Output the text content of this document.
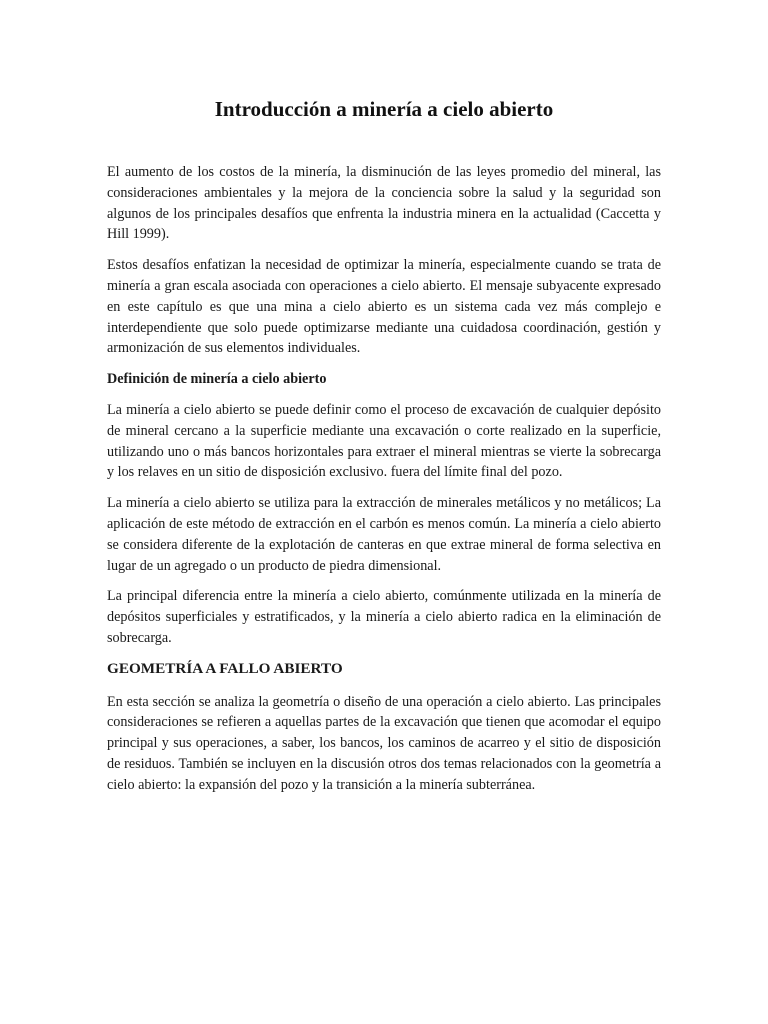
Introducción a minería a cielo abierto

El aumento de los costos de la minería, la disminución de las leyes promedio del mineral, las consideraciones ambientales y la mejora de la conciencia sobre la salud y la seguridad son algunos de los principales desafíos que enfrenta la industria minera en la actualidad (Caccetta y Hill 1999).

Estos desafíos enfatizan la necesidad de optimizar la minería, especialmente cuando se trata de minería a gran escala asociada con operaciones a cielo abierto. El mensaje subyacente expresado en este capítulo es que una mina a cielo abierto es un sistema cada vez más complejo e interdependiente que solo puede optimizarse mediante una cuidadosa coordinación, gestión y armonización de sus elementos individuales.

Definición de minería a cielo abierto

La minería a cielo abierto se puede definir como el proceso de excavación de cualquier depósito de mineral cercano a la superficie mediante una excavación o corte realizado en la superficie, utilizando uno o más bancos horizontales para extraer el mineral mientras se vierte la sobrecarga y los relaves en un sitio de disposición exclusivo. fuera del límite final del pozo.

La minería a cielo abierto se utiliza para la extracción de minerales metálicos y no metálicos; La aplicación de este método de extracción en el carbón es menos común. La minería a cielo abierto se considera diferente de la explotación de canteras en que extrae mineral de forma selectiva en lugar de un agregado o un producto de piedra dimensional.

La principal diferencia entre la minería a cielo abierto, comúnmente utilizada en la minería de depósitos superficiales y estratificados, y la minería a cielo abierto radica en la eliminación de sobrecarga.

GEOMETRÍA A FALLO ABIERTO

En esta sección se analiza la geometría o diseño de una operación a cielo abierto. Las principales consideraciones se refieren a aquellas partes de la excavación que tienen que acomodar el equipo principal y sus operaciones, a saber, los bancos, los caminos de acarreo y el sitio de disposición de residuos. También se incluyen en la discusión otros dos temas relacionados con la geometría a cielo abierto: la expansión del pozo y la transición a la minería subterránea.
